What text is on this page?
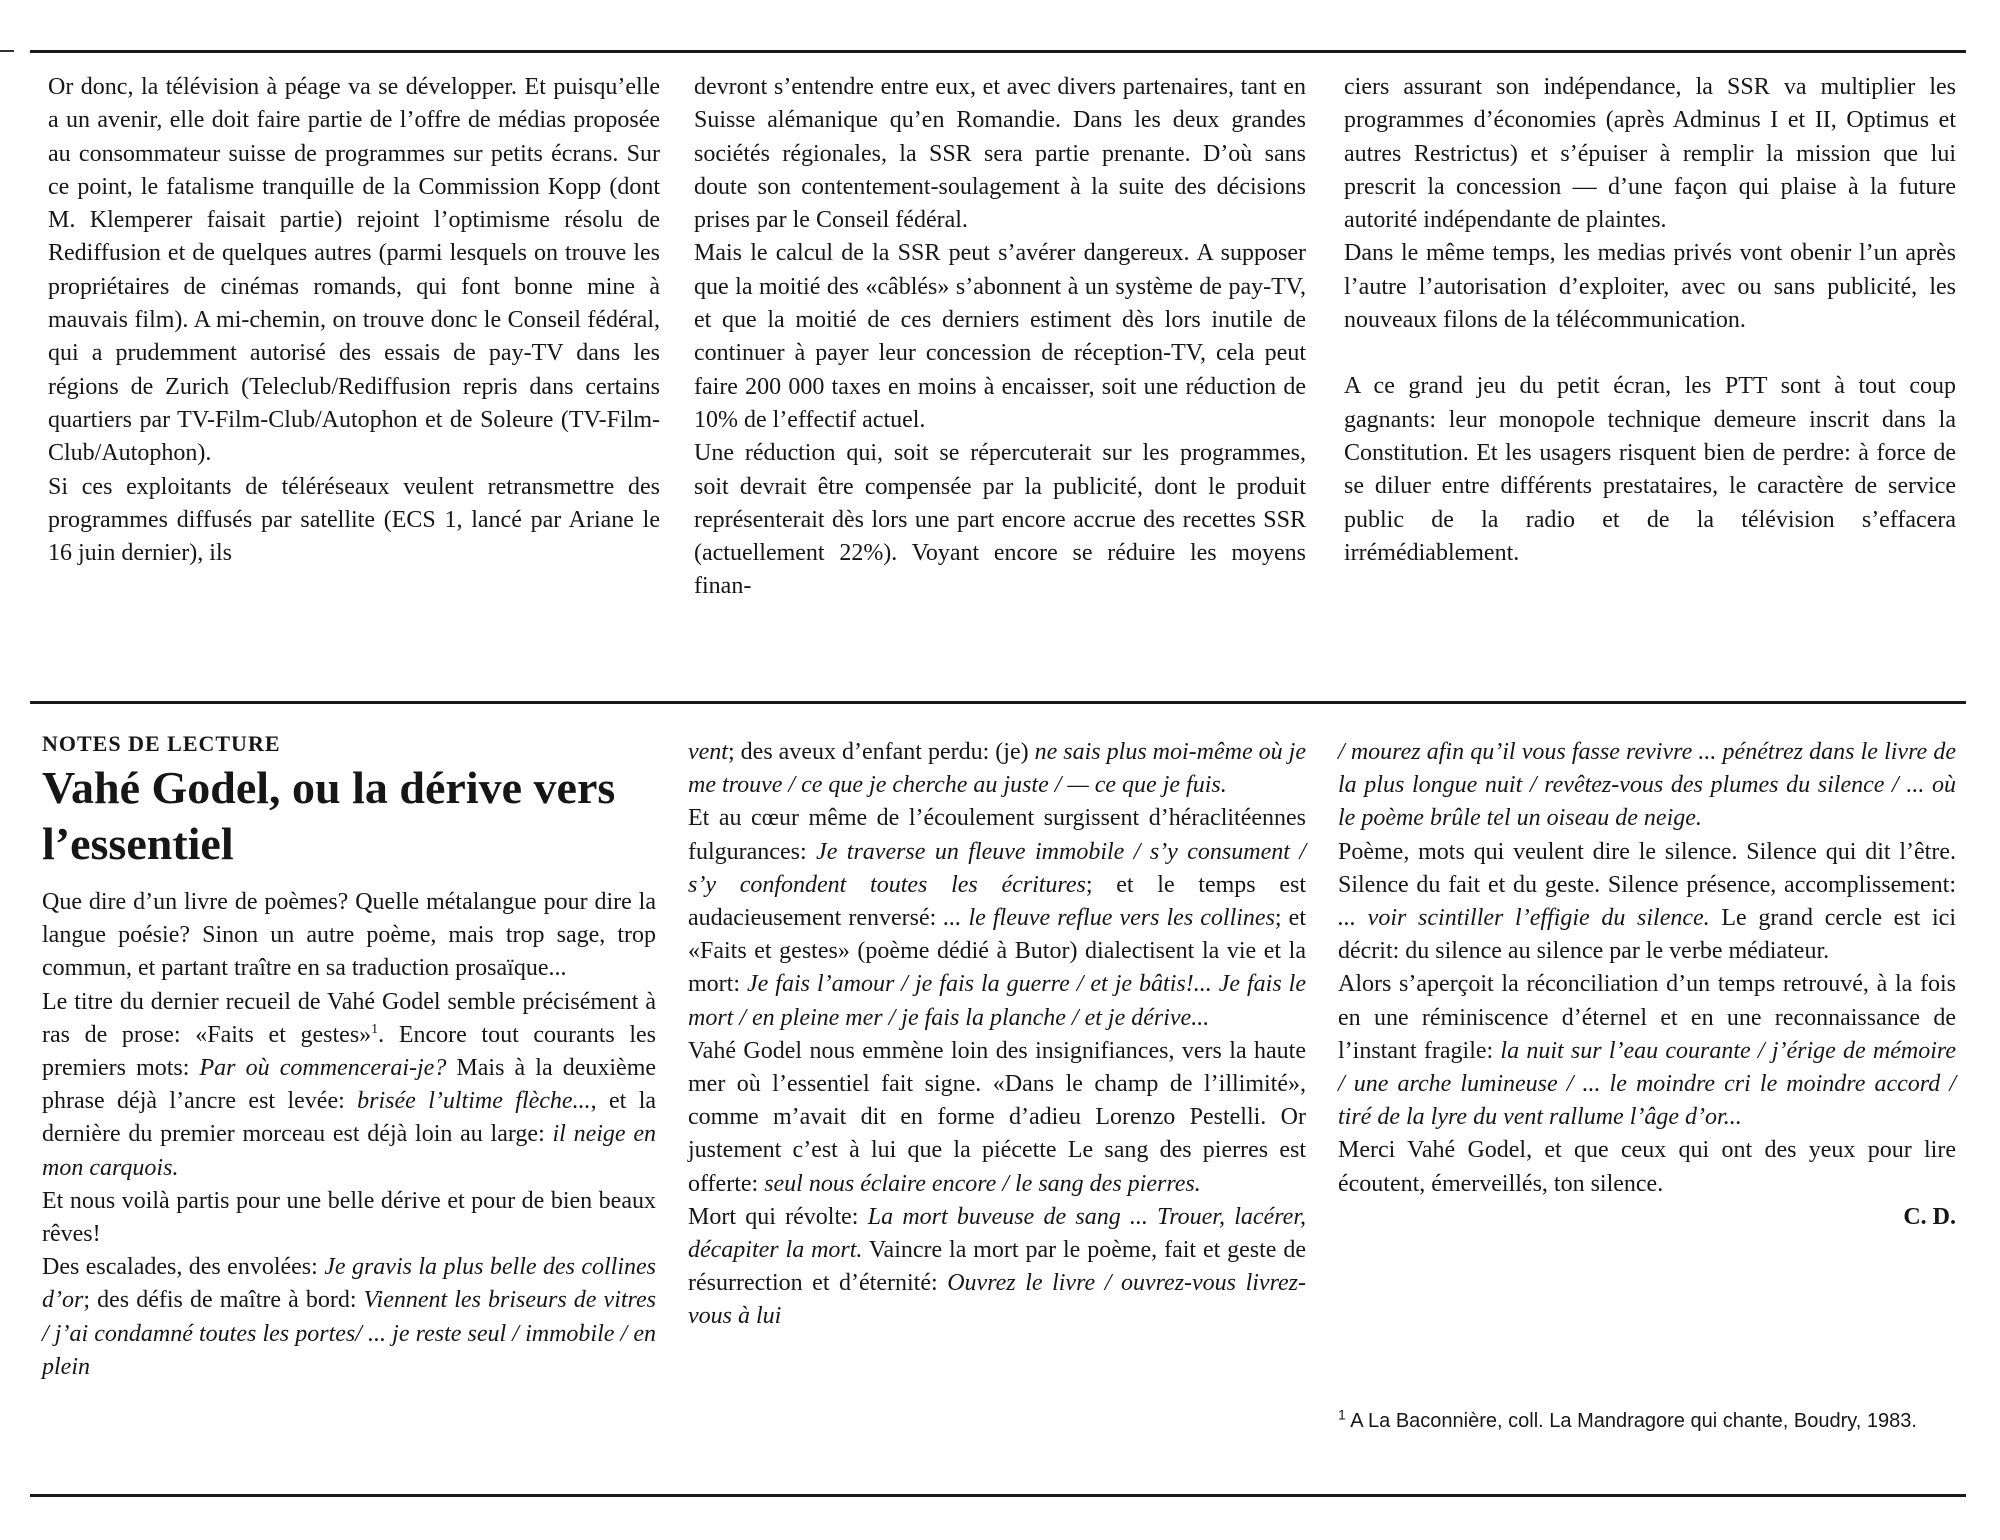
Or donc, la télévision à péage va se développer. Et puisqu’elle a un avenir, elle doit faire partie de l’offre de médias proposée au consommateur suisse de programmes sur petits écrans. Sur ce point, le fatalisme tranquille de la Commission Kopp (dont M. Klemperer faisait partie) rejoint l’optimisme résolu de Rediffusion et de quelques autres (parmi lesquels on trouve les propriétaires de cinémas romands, qui font bonne mine à mauvais film). A mi-chemin, on trouve donc le Conseil fédéral, qui a prudemment autorisé des essais de pay-TV dans les régions de Zurich (Teleclub/Rediffusion repris dans certains quartiers par TV-Film-Club/Autophon et de Soleure (TV-Film-Club/Autophon).

Si ces exploitants de téléréseaux veulent retransmettre des programmes diffusés par satellite (ECS 1, lancé par Ariane le 16 juin dernier), ils

devront s’entendre entre eux, et avec divers partenaires, tant en Suisse alémanique qu’en Romandie. Dans les deux grandes sociétés régionales, la SSR sera partie prenante. D’où sans doute son contentement-soulagement à la suite des décisions prises par le Conseil fédéral.

Mais le calcul de la SSR peut s’avérer dangereux. A supposer que la moitié des «câblés» s’abonnent à un système de pay-TV, et que la moitié de ces derniers estiment dès lors inutile de continuer à payer leur concession de réception-TV, cela peut faire 200 000 taxes en moins à encaisser, soit une réduction de 10% de l’effectif actuel.

Une réduction qui, soit se répercuterait sur les programmes, soit devrait être compensée par la publicité, dont le produit représenterait dès lors une part encore accrue des recettes SSR (actuellement 22%). Voyant encore se réduire les moyens finan-

ciers assurant son indépendance, la SSR va multiplier les programmes d’économies (après Adminus I et II, Optimus et autres Restrictus) et s’épuiser à remplir la mission que lui prescrit la concession — d’une façon qui plaise à la future autorité indépendante de plaintes.

Dans le même temps, les medias privés vont obenir l’un après l’autre l’autorisation d’exploiter, avec ou sans publicité, les nouveaux filons de la télécommunication.

A ce grand jeu du petit écran, les PTT sont à tout coup gagnants: leur monopole technique demeure inscrit dans la Constitution. Et les usagers risquent bien de perdre: à force de se diluer entre différents prestataires, le caractère de service public de la radio et de la télévision s’effacera irrémédiablement.

NOTES DE LECTURE

Vahé Godel, ou la dérive vers l’essentiel

Que dire d’un livre de poèmes? Quelle métalangue pour dire la langue poésie? Sinon un autre poème, mais trop sage, trop commun, et partant traître en sa traduction prosaïque...

Le titre du dernier recueil de Vahé Godel semble précisément à ras de prose: «Faits et gestes»$^1$. Encore tout courants les premiers mots: Par où commencerai-je? Mais à la deuxième phrase déjà l’ancre est levée: brisée l’ultime flèche..., et la dernière du premier morceau est déjà loin au large: il neige en mon carquois.

Et nous voilà partis pour une belle dérive et pour de bien beaux rêves!

Des escalades, des envolées: Je gravis la plus belle des collines d’or; des défis de maître à bord: Viennent les briseurs de vitres / j’ai condamné toutes les portes/ ... je reste seul / immobile / en plein

vent; des aveux d’enfant perdu: (je) ne sais plus moi-même où je me trouve / ce que je cherche au juste / — ce que je fuis.

Et au cœur même de l’écoulement surgissent d’héraclitéennes fulgurances: Je traverse un fleuve immobile / s’y consument / s’y confondent toutes les écritures; et le temps est audacieusement renversé: ... le fleuve reflue vers les collines; et «Faits et gestes» (poème dédié à Butor) dialectisent la vie et la mort: Je fais l’amour / je fais la guerre / et je bâtis!... Je fais le mort / en pleine mer / je fais la planche / et je dérive...

Vahé Godel nous emmène loin des insignifiances, vers la haute mer où l’essentiel fait signe. «Dans le champ de l’illimité», comme m’avait dit en forme d’adieu Lorenzo Pestelli. Or justement c’est à lui que la piécette Le sang des pierres est offerte: seul nous éclaire encore / le sang des pierres.

Mort qui révolte: La mort buveuse de sang ... Trouer, lacérer, décapiter la mort. Vaincre la mort par le poème, fait et geste de résurrection et d’éternité: Ouvrez le livre / ouvrez-vous livrez-vous à lui

/ mourez afin qu’il vous fasse revivre ... pénétrez dans le livre de la plus longue nuit / revêtez-vous des plumes du silence / ... où le poème brûle tel un oiseau de neige.

Poème, mots qui veulent dire le silence. Silence qui dit l’être. Silence du fait et du geste. Silence présence, accomplissement: ... voir scintiller l’effigie du silence. Le grand cercle est ici décrit: du silence au silence par le verbe médiateur.

Alors s’aperçoit la réconciliation d’un temps retrouvé, à la fois en une réminiscence d’éternel et en une reconnaissance de l’instant fragile: la nuit sur l’eau courante / j’érige de mémoire / une arche lumineuse / ... le moindre cri le moindre accord / tiré de la lyre du vent rallume l’âge d’or...

Merci Vahé Godel, et que ceux qui ont des yeux pour lire écoutent, émerveillés, ton silence.

C. D.

$^1$ A La Baconnière, coll. La Mandragore qui chante, Boudry, 1983.
